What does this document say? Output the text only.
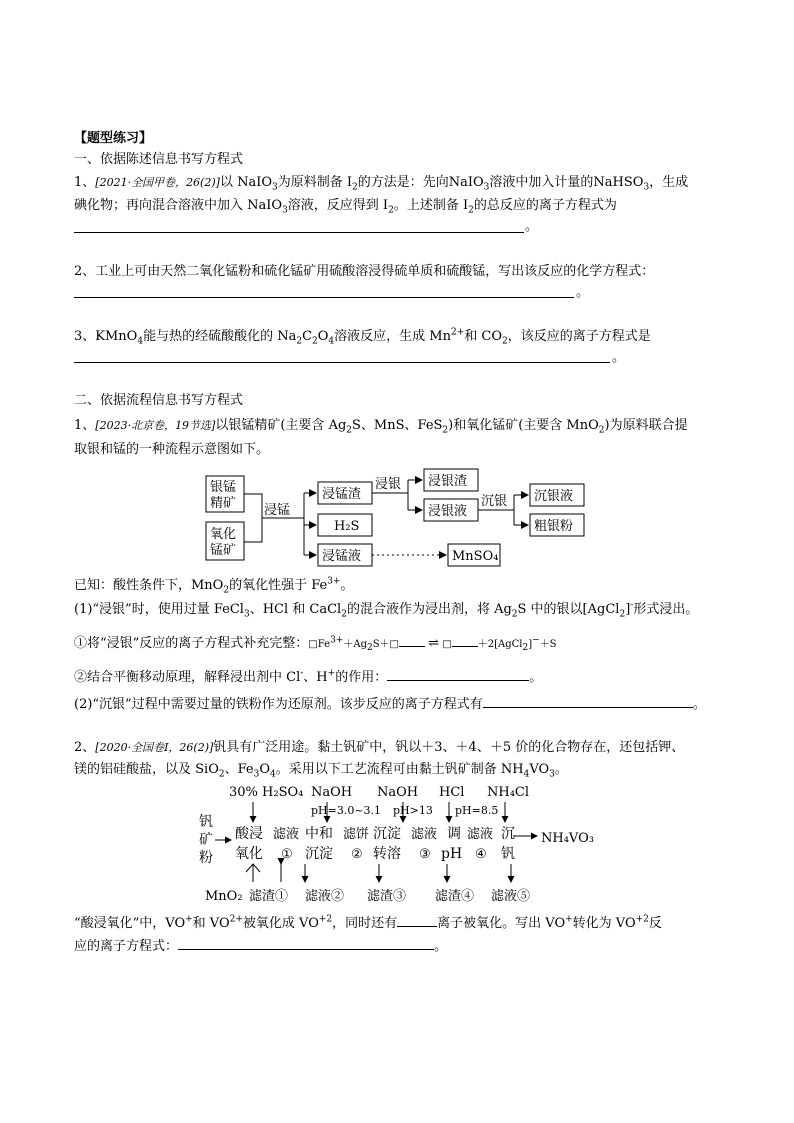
【题型练习】
一、依据陈述信息书写方程式
1、[2021·全国甲卷，26(2)]以 NaIO$_3$为原料制备 $I_2$的方法是：先向NaIO$_3$溶液中加入计量的NaHSO$_3$，生成
碘化物；再向混合溶液中加入 NaIO$_3$溶液，反应得到 $I_2$。上述制备 $I_2$的总反应的离子方程式为
。
2、工业上可由天然二氧化锰粉和硫化锰矿用硫酸溶浸得硫单质和硫酸锰，写出该反应的化学方程式：
。
3、KMnO$_4$能与热的经硫酸酸化的 $Na_2C_2O_4$溶液反应，生成 $Mn^{2+}$和 $CO_2$，该反应的离子方程式是
。
二、依据流程信息书写方程式
1、[2023·北京卷，19节选]以银锰精矿(主要含 $Ag_2S$、MnS、FeS$_2$)和氧化锰矿(主要含 MnO$_2$)为原料联合提
取银和锰的一种流程示意图如下。
银锰
精矿
氧化
锰矿
浸锰
浸锰渣
H₂S
浸锰液
浸银 浸银渣
浸银液
沉银 沉银液
粗银粉
MnSO₄
已知：酸性条件下，MnO$_2$的氧化性强于 $Fe^{3+}$。
(1)“浸银”时，使用过量 FeCl$_3$、HCl 和 CaCl$_2$的混合液作为浸出剂，将 $Ag_2S$ 中的银以[AgCl$_2$]-形式浸出。
①将“浸银”反应的离子方程式补充完整：$□Fe^{3+}+Ag_2S+□$ ⇌ □	＋2[AgCl$_2$]−＋S
②结合平衡移动原理，解释浸出剂中 Cl-、H+的作用：	。
(2)“沉银”过程中需要过量的铁粉作为还原剂。该步反应的离子方程式有	。
2、[2020·全国卷Ⅰ，26(2)]钒具有广泛用途。黏土钒矿中，钒以＋3、＋4、＋5 价的化合物存在，还包括钾、
镁的铝硅酸盐，以及 SiO$_2$、$Fe_3O_4$。采用以下工艺流程可由黏土钒矿制备 $NH_4VO_3$。
30% H₂SO₄ NaOH NaOH HCl NH₄Cl
pH=3.0~3.1 pH>13 pH=8.5
钒
矿
粉
酸浸
氧化
滤液
①
中和
沉淀
滤饼
②
沉淀
转溶
滤液
③
调
pH
滤液
④
沉
钒
NH₄VO₃
MnO₂ 滤渣① 滤液② 滤渣③ 滤渣④ 滤液⑤
“酸浸氧化”中，VO+和 $VO^{2+}$被氧化成 $VO^{+2}$，同时还有	离子被氧化。写出 VO+转化为 $VO^{+2}$反
应的离子方程式：	。
